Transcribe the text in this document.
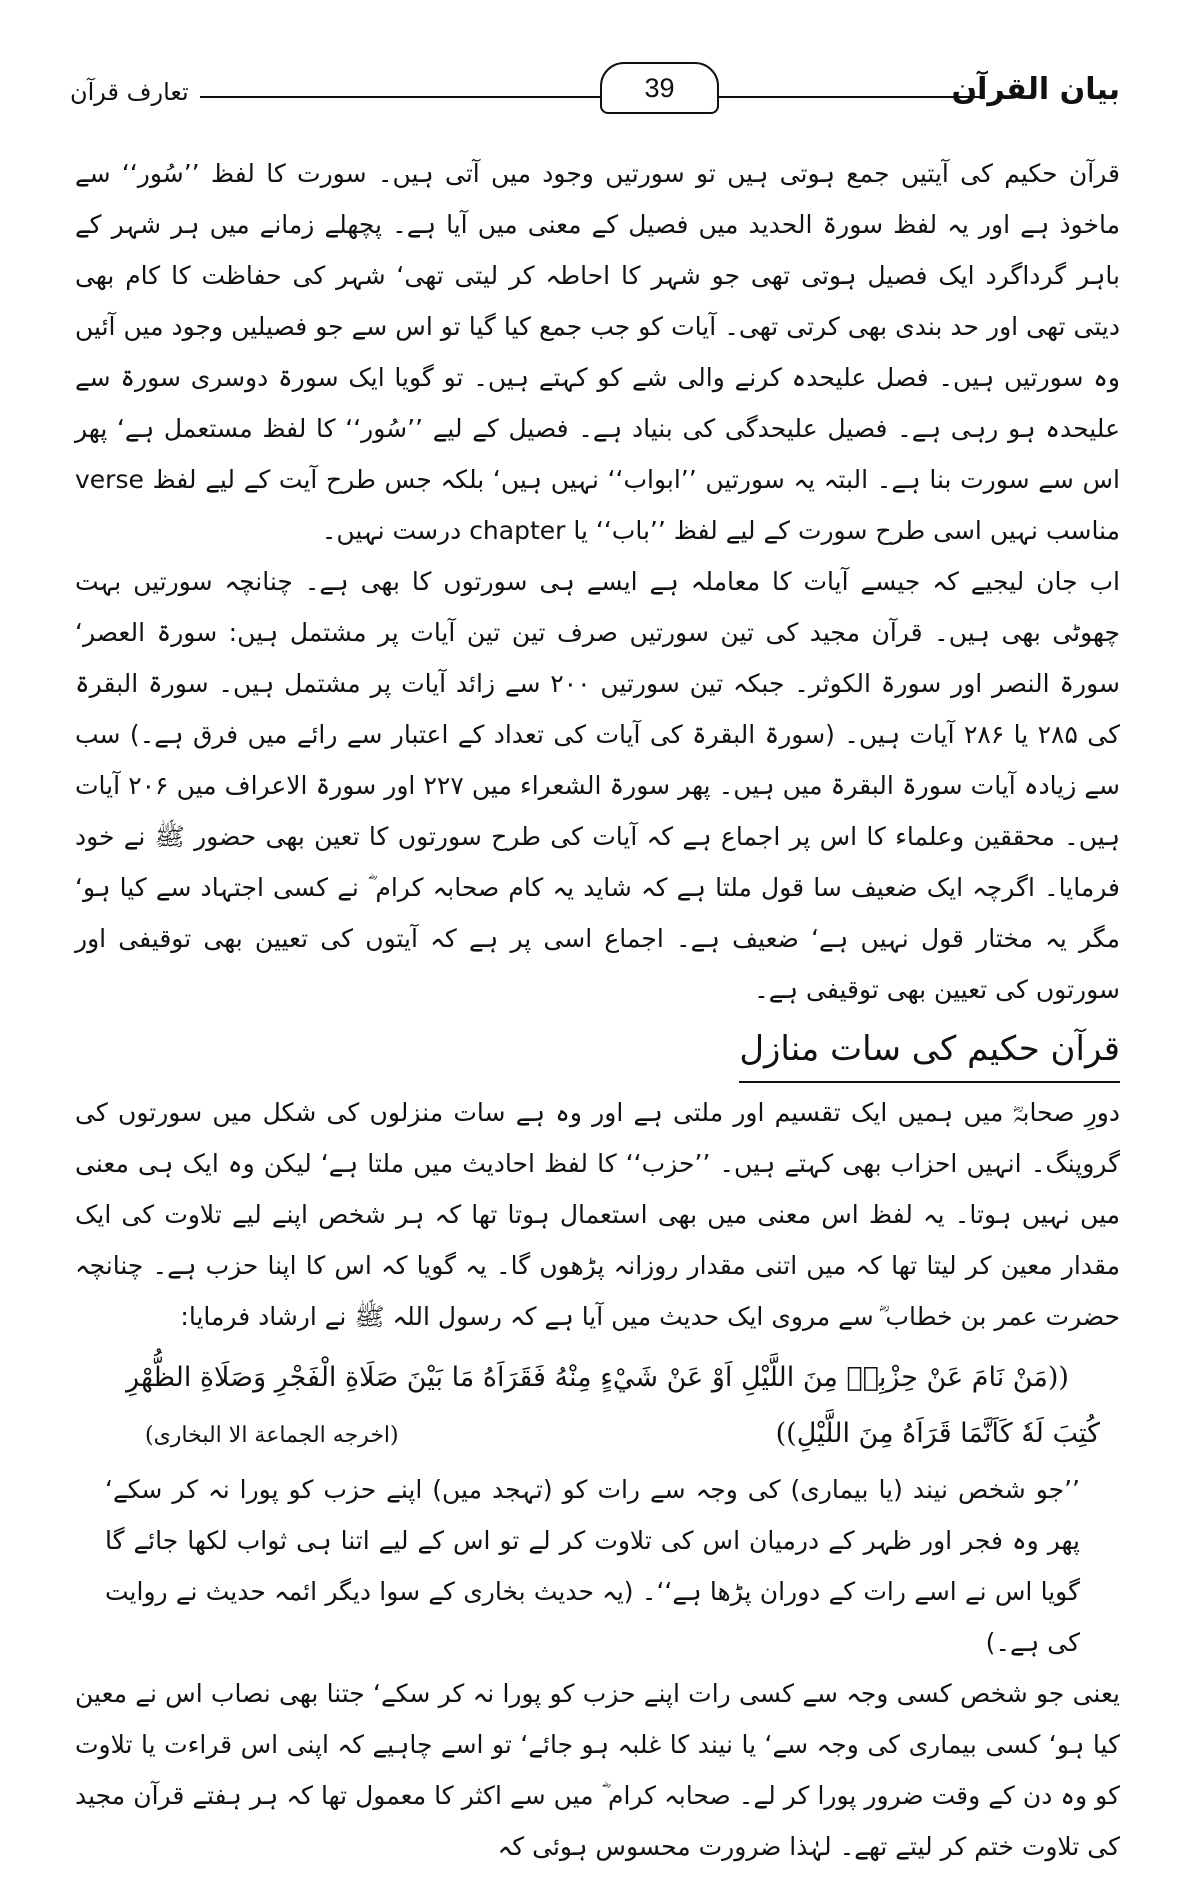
تعارف قرآن	39	بیان القرآن

قرآن حکیم کی آیتیں جمع ہوتی ہیں تو سورتیں وجود میں آتی ہیں۔ سورت کا لفظ ’’سُور‘‘ سے ماخوذ ہے اور یہ لفظ سورۃ الحدید میں فصیل کے معنی میں آیا ہے۔ پچھلے زمانے میں ہر شہر کے باہر گرداگرد ایک فصیل ہوتی تھی جو شہر کا احاطہ کر لیتی تھی‘ شہر کی حفاظت کا کام بھی دیتی تھی اور حد بندی بھی کرتی تھی۔ آیات کو جب جمع کیا گیا تو اس سے جو فصیلیں وجود میں آئیں وہ سورتیں ہیں۔ فصل علیحدہ کرنے والی شے کو کہتے ہیں۔ تو گویا ایک سورۃ دوسری سورۃ سے علیحدہ ہو رہی ہے۔ فصیل علیحدگی کی بنیاد ہے۔ فصیل کے لیے ’’سُور‘‘ کا لفظ مستعمل ہے‘ پھر اس سے سورت بنا ہے۔ البتہ یہ سورتیں ’’ابواب‘‘ نہیں ہیں‘ بلکہ جس طرح آیت کے لیے لفظ verse مناسب نہیں اسی طرح سورت کے لیے لفظ ’’باب‘‘ یا chapter درست نہیں۔

اب جان لیجیے کہ جیسے آیات کا معاملہ ہے ایسے ہی سورتوں کا بھی ہے۔ چنانچہ سورتیں بہت چھوٹی بھی ہیں۔ قرآن مجید کی تین سورتیں صرف تین تین آیات پر مشتمل ہیں: سورۃ العصر‘ سورۃ النصر اور سورۃ الکوثر۔ جبکہ تین سورتیں ۲۰۰ سے زائد آیات پر مشتمل ہیں۔ سورۃ البقرۃ کی ۲۸۵ یا ۲۸۶ آیات ہیں۔ (سورۃ البقرۃ کی آیات کی تعداد کے اعتبار سے رائے میں فرق ہے۔) سب سے زیادہ آیات سورۃ البقرۃ میں ہیں۔ پھر سورۃ الشعراء میں ۲۲۷ اور سورۃ الاعراف میں ۲۰۶ آیات ہیں۔ محققین وعلماء کا اس پر اجماع ہے کہ آیات کی طرح سورتوں کا تعین بھی حضور ﷺ نے خود فرمایا۔ اگرچہ ایک ضعیف سا قول ملتا ہے کہ شاید یہ کام صحابہ کرام ؓ نے کسی اجتہاد سے کیا ہو‘ مگر یہ مختار قول نہیں ہے‘ ضعیف ہے۔ اجماع اسی پر ہے کہ آیتوں کی تعیین بھی توقیفی اور سورتوں کی تعیین بھی توقیفی ہے۔

قرآن حکیم کی سات منازل

دورِ صحابہؓ میں ہمیں ایک تقسیم اور ملتی ہے اور وہ ہے سات منزلوں کی شکل میں سورتوں کی گروپنگ۔ انہیں احزاب بھی کہتے ہیں۔ ’’حزب‘‘ کا لفظ احادیث میں ملتا ہے‘ لیکن وہ ایک ہی معنی میں نہیں ہوتا۔ یہ لفظ اس معنی میں بھی استعمال ہوتا تھا کہ ہر شخص اپنے لیے تلاوت کی ایک مقدار معین کر لیتا تھا کہ میں اتنی مقدار روزانہ پڑھوں گا۔ یہ گویا کہ اس کا اپنا حزب ہے۔ چنانچہ حضرت عمر بن خطاب ؓ سے مروی ایک حدیث میں آیا ہے کہ رسول اللہ ﷺ نے ارشاد فرمایا:

((مَنْ نَامَ عَنْ حِزْبِهٖ مِنَ اللَّيْلِ اَوْ عَنْ شَيْءٍ مِنْهُ فَقَرَاَهُ مَا بَيْنَ صَلَاةِ الْفَجْرِ وَصَلَاةِ الظُّهْرِ
كُتِبَ لَهٗ كَاَنَّمَا قَرَاَهُ مِنَ اللَّيْلِ))
(اخرجه الجماعة الا البخاری)

’’جو شخص نیند (یا بیماری) کی وجہ سے رات کو (تہجد میں) اپنے حزب کو پورا نہ کر سکے‘ پھر وہ فجر اور ظہر کے درمیان اس کی تلاوت کر لے تو اس کے لیے اتنا ہی ثواب لکھا جائے گا گویا اس نے اسے رات کے دوران پڑھا ہے‘‘۔ (یہ حدیث بخاری کے سوا دیگر ائمہ حدیث نے روایت کی ہے۔)

یعنی جو شخص کسی وجہ سے کسی رات اپنے حزب کو پورا نہ کر سکے‘ جتنا بھی نصاب اس نے معین کیا ہو‘ کسی بیماری کی وجہ سے‘ یا نیند کا غلبہ ہو جائے‘ تو اسے چاہیے کہ اپنی اس قراءت یا تلاوت کو وہ دن کے وقت ضرور پورا کر لے۔ صحابہ کرام ؓ میں سے اکثر کا معمول تھا کہ ہر ہفتے قرآن مجید کی تلاوت ختم کر لیتے تھے۔ لہٰذا ضرورت محسوس ہوئی کہ
